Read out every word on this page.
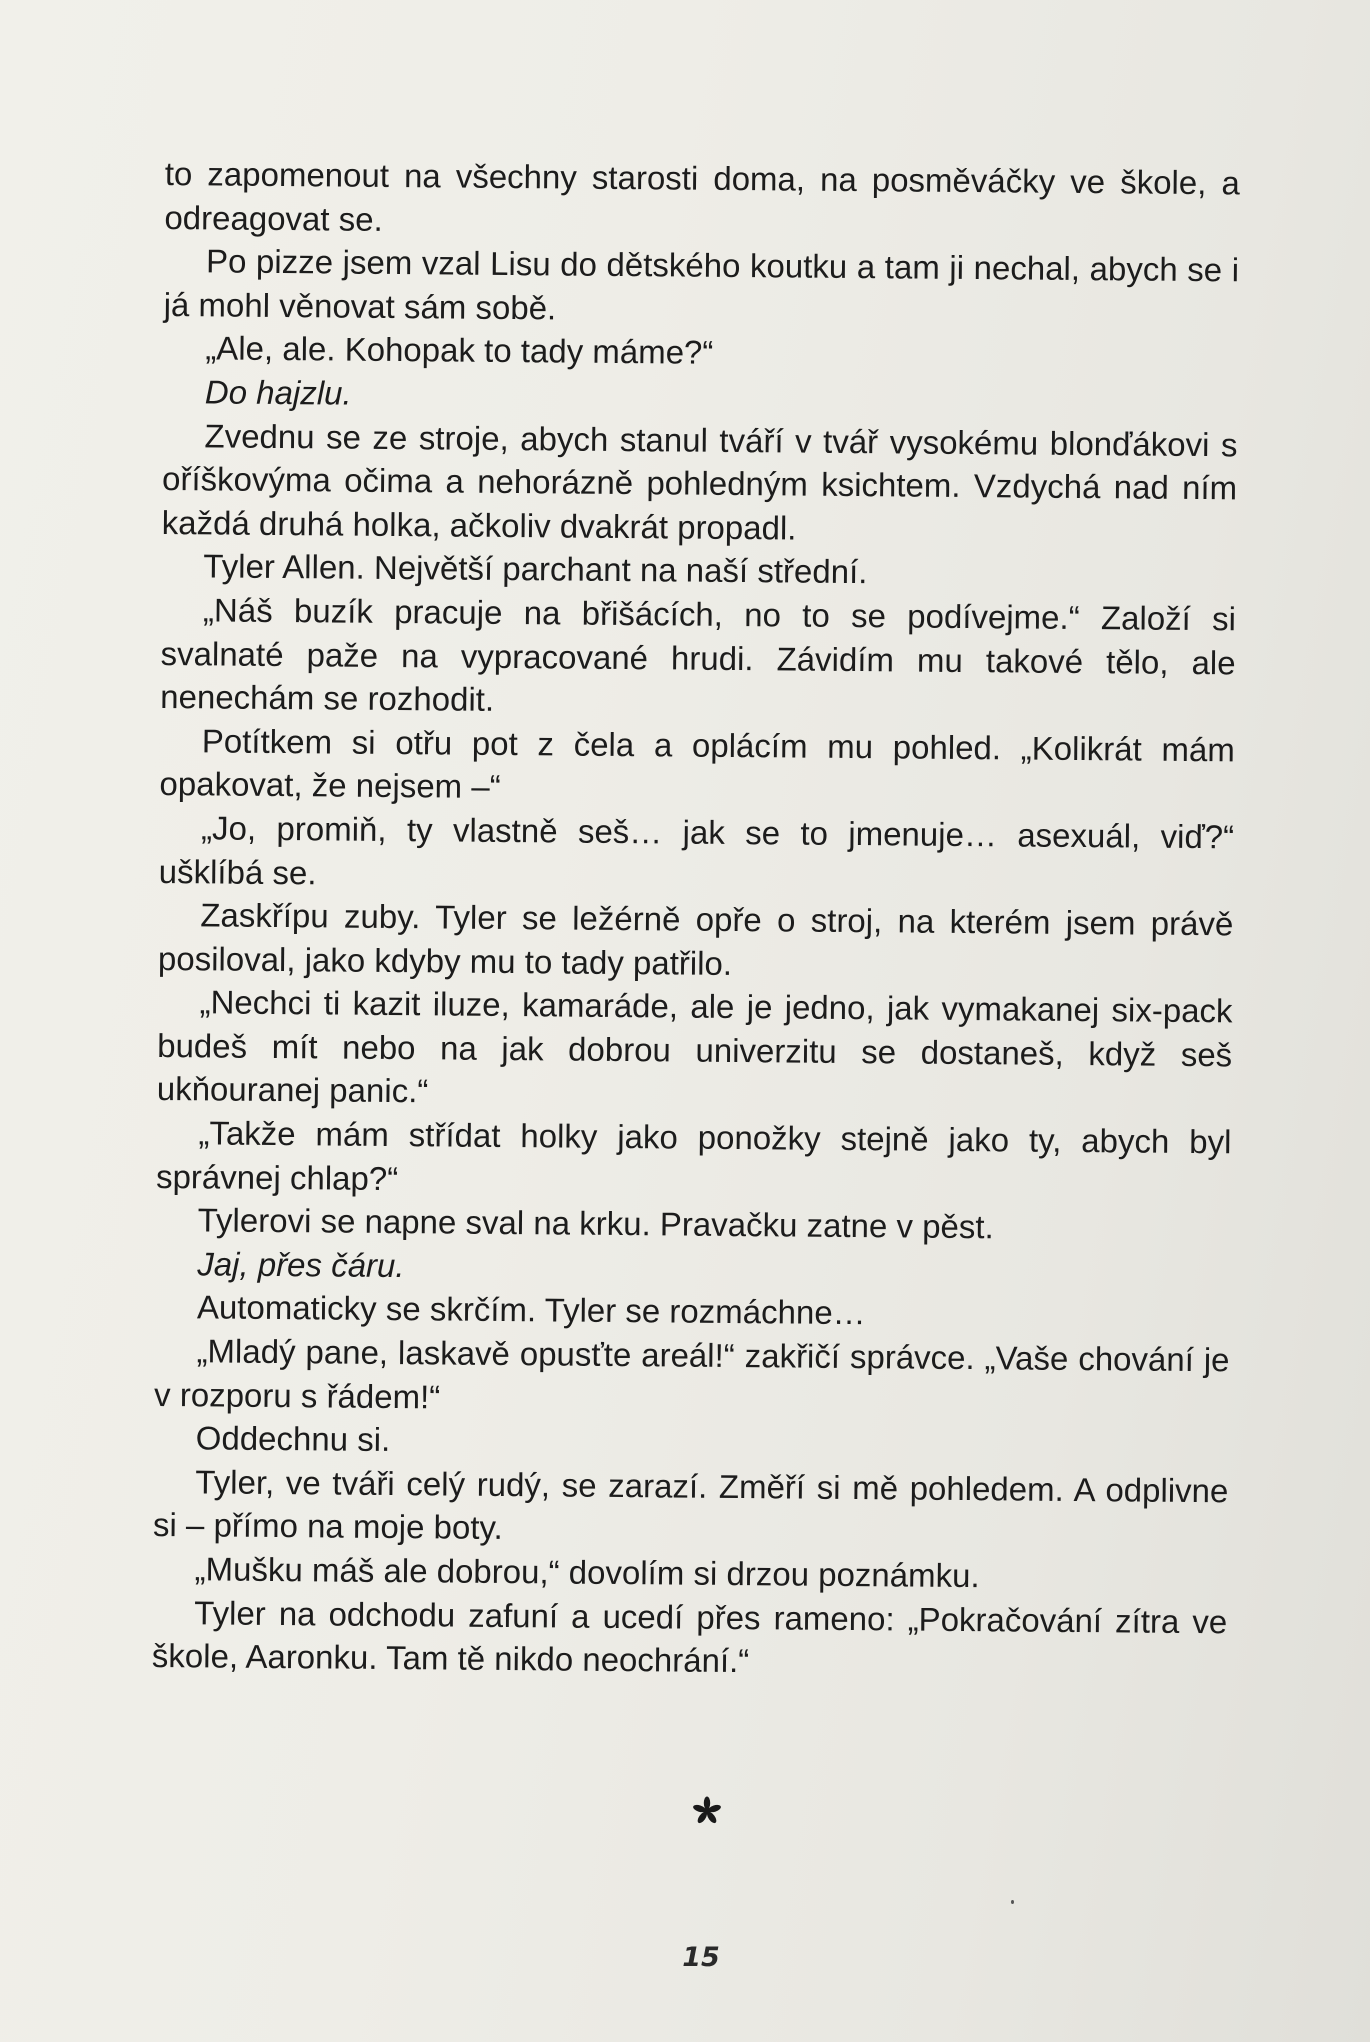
to zapomenout na všechny starosti doma, na posměváčky ve škole, a odreagovat se.

Po pizze jsem vzal Lisu do dětského koutku a tam ji nechal, abych se i já mohl věnovat sám sobě.

„Ale, ale. Kohopak to tady máme?“

Do hajzlu.

Zvednu se ze stroje, abych stanul tváří v tvář vysokému blonďákovi s oříškovýma očima a nehorázně pohledným ksichtem. Vzdychá nad ním každá druhá holka, ačkoliv dvakrát propadl.

Tyler Allen. Největší parchant na naší střední.

„Náš buzík pracuje na břišácích, no to se podívejme.“ Založí si svalnaté paže na vypracované hrudi. Závidím mu takové tělo, ale nenechám se rozhodit.

Potítkem si otřu pot z čela a oplácím mu pohled. „Kolikrát mám opakovat, že nejsem –“

„Jo, promiň, ty vlastně seš… jak se to jmenuje… asexuál, viď?“ ušklíbá se.

Zaskřípu zuby. Tyler se ležérně opře o stroj, na kterém jsem právě posiloval, jako kdyby mu to tady patřilo.

„Nechci ti kazit iluze, kamaráde, ale je jedno, jak vymakanej six-pack budeš mít nebo na jak dobrou univerzitu se dostaneš, když seš ukňouranej panic.“

„Takže mám střídat holky jako ponožky stejně jako ty, abych byl správnej chlap?“

Tylerovi se napne sval na krku. Pravačku zatne v pěst.

Jaj, přes čáru.

Automaticky se skrčím. Tyler se rozmáchne…

„Mladý pane, laskavě opusťte areál!“ zakřičí správce. „Vaše chování je v rozporu s řádem!“

Oddechnu si.

Tyler, ve tváři celý rudý, se zarazí. Změří si mě pohledem. A odplivne si – přímo na moje boty.

„Mušku máš ale dobrou,“ dovolím si drzou poznámku.

Tyler na odchodu zafuní a ucedí přes rameno: „Pokračování zítra ve škole, Aaronku. Tam tě nikdo neochrání.“

15
